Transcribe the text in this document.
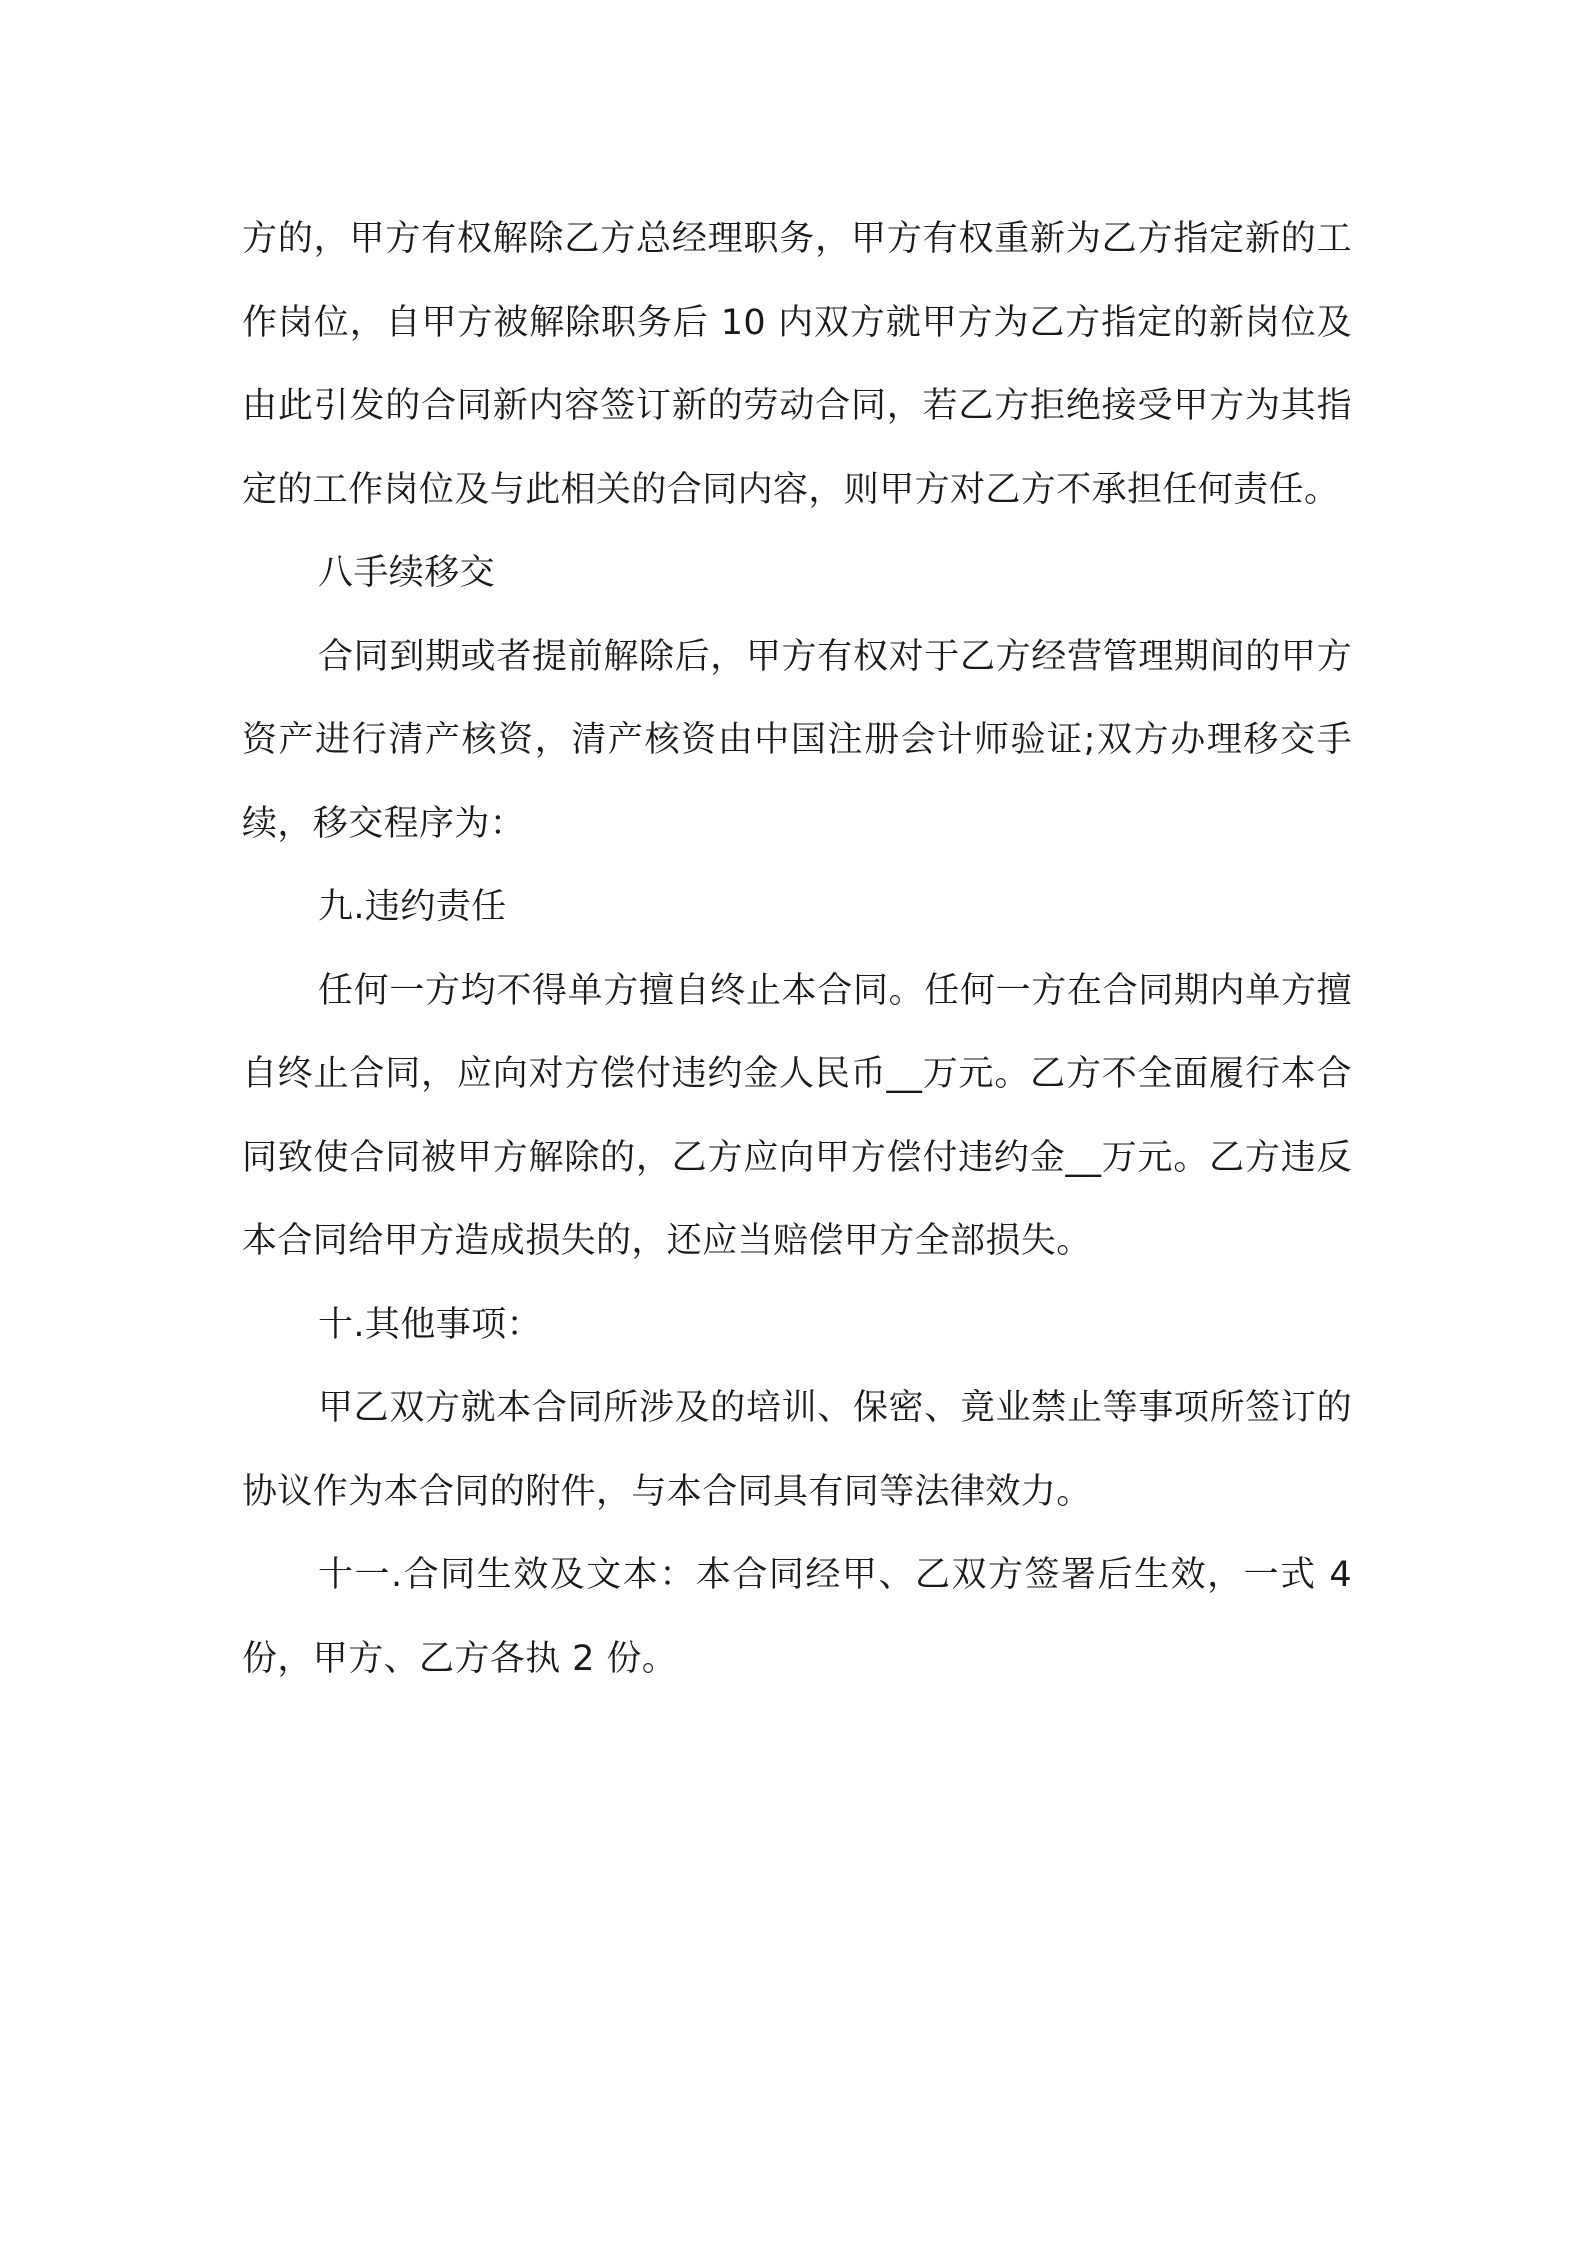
方的，甲方有权解除乙方总经理职务，甲方有权重新为乙方指定新的工作岗位，自甲方被解除职务后 10 内双方就甲方为乙方指定的新岗位及由此引发的合同新内容签订新的劳动合同，若乙方拒绝接受甲方为其指定的工作岗位及与此相关的合同内容，则甲方对乙方不承担任何责任。

八手续移交

合同到期或者提前解除后，甲方有权对于乙方经营管理期间的甲方资产进行清产核资，清产核资由中国注册会计师验证;双方办理移交手续，移交程序为：

九.违约责任

任何一方均不得单方擅自终止本合同。任何一方在合同期内单方擅自终止合同，应向对方偿付违约金人民币__万元。乙方不全面履行本合同致使合同被甲方解除的，乙方应向甲方偿付违约金__万元。乙方违反本合同给甲方造成损失的，还应当赔偿甲方全部损失。

十.其他事项：

甲乙双方就本合同所涉及的培训、保密、竟业禁止等事项所签订的协议作为本合同的附件，与本合同具有同等法律效力。

十一.合同生效及文本：本合同经甲、乙双方签署后生效，一式 4 份，甲方、乙方各执 2 份。
